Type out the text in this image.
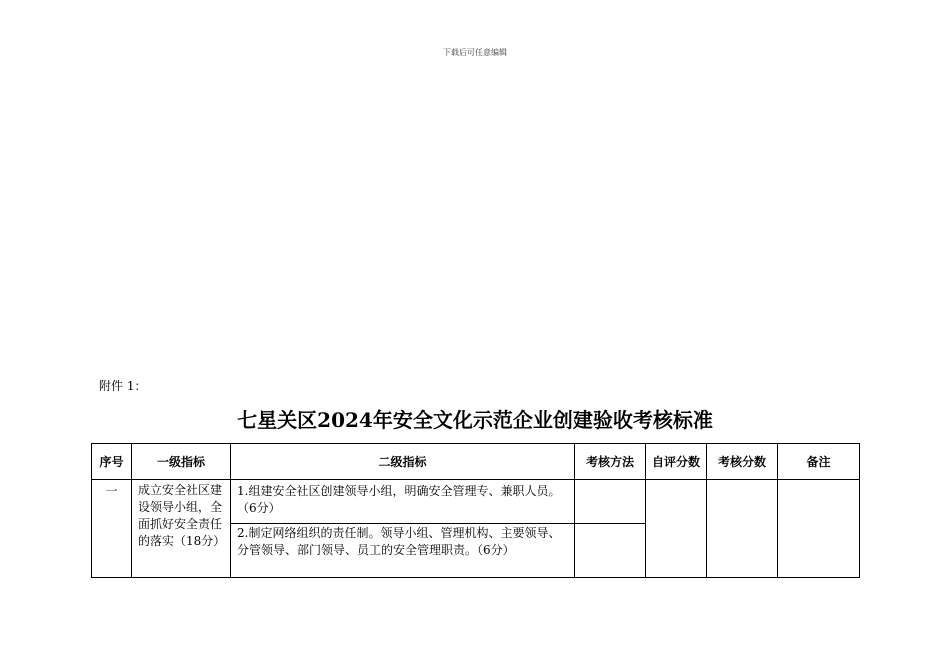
下载后可任意编辑
附件 1：
七星关区2024年安全文化示范企业创建验收考核标准
序号	一级指标	二级指标	考核方法	自评分数	考核分数	备注
一	成立安全社区建设领导小组，全面抓好安全责任的落实（18分）	1.组建安全社区创建领导小组，明确安全管理专、兼职人员。（6分）				
		2.制定网络组织的责任制。领导小组、管理机构、主要领导、分管领导、部门领导、员工的安全管理职责。（6分）				
